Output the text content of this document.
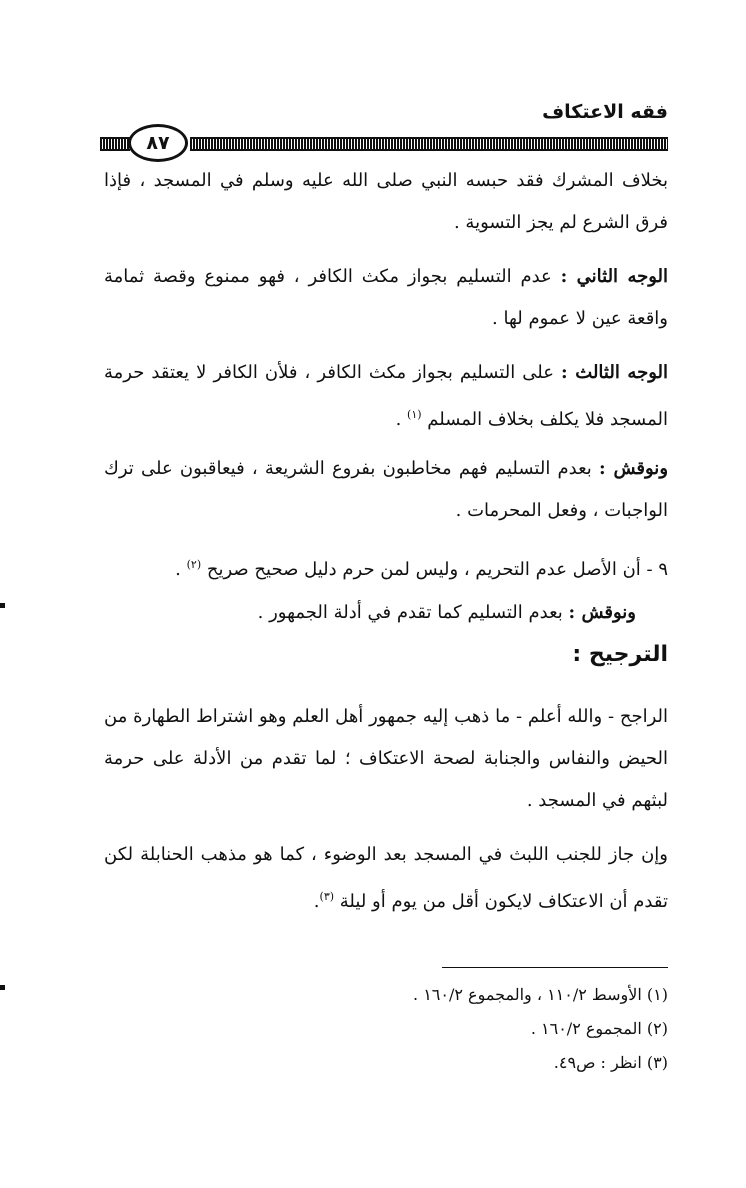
فقه الاعتكاف
٨٧

بخلاف المشرك فقد حبسه النبي صلى الله عليه وسلم في المسجد ، فإذا فرق الشرع لم يجز التسوية .

الوجه الثاني : عدم التسليم بجواز مكث الكافر ، فهو ممنوع وقصة ثمامة واقعة عين لا عموم لها .

الوجه الثالث : على التسليم بجواز مكث الكافر ، فلأن الكافر لا يعتقد حرمة المسجد فلا يكلف بخلاف المسلم $^{(١)}$ .

ونوقش : بعدم التسليم فهم مخاطبون بفروع الشريعة ، فيعاقبون على ترك الواجبات ، وفعل المحرمات .

٩ - أن الأصل عدم التحريم ، وليس لمن حرم دليل صحيح صريح $^{(٢)}$ .

ونوقش : بعدم التسليم كما تقدم في أدلة الجمهور .

الترجيح :

الراجح - والله أعلم - ما ذهب إليه جمهور أهل العلم وهو اشتراط الطهارة من الحيض والنفاس والجنابة لصحة الاعتكاف ؛ لما تقدم من الأدلة على حرمة لبثهم في المسجد .

وإن جاز للجنب اللبث في المسجد بعد الوضوء ، كما هو مذهب الحنابلة لكن تقدم أن الاعتكاف لايكون أقل من يوم أو ليلة $^{(٣)}$.

(١) الأوسط ١١٠/٢ ، والمجموع ١٦٠/٢ .
(٢) المجموع ١٦٠/٢ .
(٣) انظر : ص٤٩.
